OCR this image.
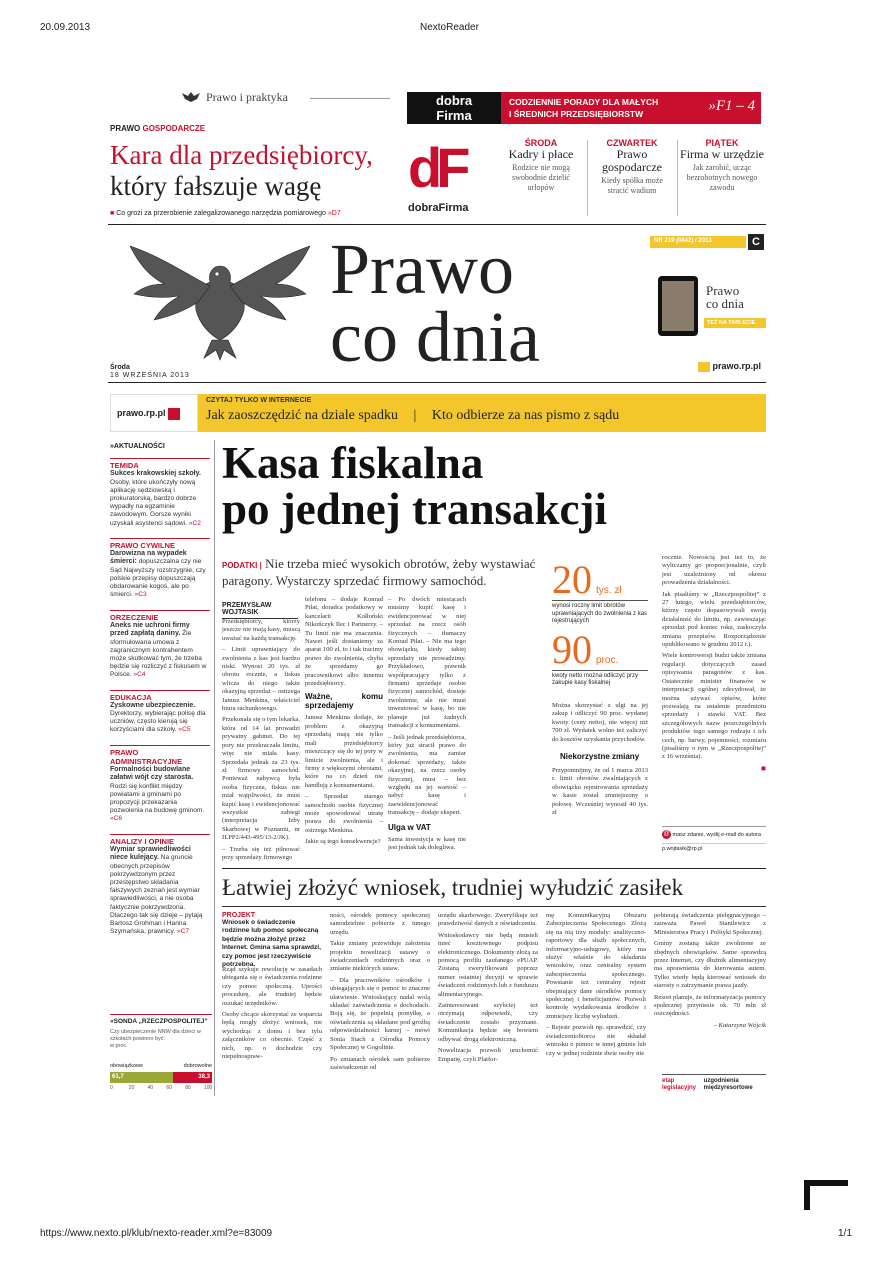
20.09.2013	NextoReader
Prawo i praktyka
PRAWO GOSPODARCZE
Kara dla przedsiębiorcy,
który fałszuje wagę
■ Co grozi za przerobienie zalegalizowanego narzędzia pomiarowego »D7
dobra
Firma
CODZIENNIE PORADY DLA MAŁYCH
I ŚREDNICH PRZEDSIĘBIORSTW	»F1 – 4
dF
dobraFirma
ŚRODA
Kadry i płace
Rodzice nie mogą swobodnie dzielić urlopów
CZWARTEK
Prawo gospodarcze
Kiedy spółka może stracić wadium
PIĄTEK
Firma w urzędzie
Jak zarobić, ucząc bezrobotnych nowego zawodu
Prawo
co dnia
NR 219 (0842) / 2013	C
Prawo
co dnia
TEŻ NA TABLECIE
Środa
18 WRZEŚNIA 2013
prawo.rp.pl
prawo.rp.pl
CZYTAJ TYLKO W INTERNECIE
Jak zaoszczędzić na dziale spadku | Kto odbierze za nas pismo z sądu
»AKTUALNOŚCI
TEMIDA
Sukces krakowskiej szkoły. Osoby, które ukończyły nową aplikację sędziowską i prokuratorską, bardzo dobrze wypadły na egzaminie zawodowym. Gorsze wyniki uzyskali asystenci sądowi. »C2
PRAWO CYWILNE
Darowizna na wypadek śmierci: dopuszczalna czy nie Sąd Najwyższy rozstrzygnie, czy polskie przepisy dopuszczają obdarowanie kogoś, ale po śmierci. »C3
ORZECZENIE
Aneks nie uchroni firmy przed zapłatą daniny. Źle sformułowana umowa z zagranicznym kontrahentem może skutkować tym, że trzeba będzie się rozliczyć z fiskusem w Polsce. »C4
EDUKACJA
Zyskowne ubezpieczenie. Dyrektorzy, wybierając polisę dla uczniów, często kierują się korzyściami dla szkoły. »C5
PRAWO ADMINISTRACYJNE
Formalności budowlane załatwi wójt czy starosta. Rodzi się konflikt między powiatami a gminami po propozycji przekazania pozwolenia na budowę gminom. »C6
ANALIZY I OPINIE
Wymiar sprawiedliwości niece kulejący. Na gruncie obecnych przepisów pokrzywdzonym przez przestępstwo składania fałszywych zeznań jest wymiar sprawiedliwości, a nie osoba faktycznie pokrzywdzona. Dlaczego tak się dzieje – pytają Bartosz Grohman i Hanna Szymańska, prawnicy. »C7
»SONDA „RZECZPOSPOLITEJ”
Czy ubezpieczenie NNW dla dzieci w szkołach powinno być:
w proc.
obowiązkowe	dobrowolne
61,7	38,3
0	20	40	60	80	100
Kasa fiskalna
po jednej transakcji
PODATKI | Nie trzeba mieć wysokich obrotów, żeby wystawiać paragony. Wystarczy sprzedać firmowy samochód.
PRZEMYSŁAW WOJTASIK

Przedsiębiorcy, którzy jeszcze nie mają kasy, muszą uważać na każdą transakcję.

– Limit uprawniający do zwolnienia z kas jest bardzo niski. Wynosi 20 tys. zł obrotu rocznie, a fiskus wlicza do niego także okazyjną sprzedaż – ostrzega Janusz Menkina, właściciel biura rachunkowego.

Przekonała się o tym lekarka, która od 14 lat prowadzi prywatny gabinet. Do tej pory nie przekraczała limitu, więc nie miała kasy. Sprzedała jednak za 23 tys. zł firmowy samochód. Ponieważ nabywcą była osoba fizyczna, fiskus nie miał wątpliwości, że musi kupić kasę i ewidencjonować wszystkie zabiegi (interpretacja Izby Skarbowej w Poznaniu, nr ILPP2/443-495/13-2/JK).

– Trzeba się też pilnować przy sprzedaży firmowego

telefonu – dodaje Konrad Piłat, doradca podatkowy w kancelarii Kołłoński Nikończyk Ilec i Partnerzy. – Tu limit nie ma znaczenia. Nawet jeśli dostaniemy za aparat 100 zł, to i tak tracimy prawo do zwolnienia, chyba że sprzedamy go pracownikowi albo innemu przedsiębiorcy.

Ważne, komu sprzedajemy

Janusz Menkina dodaje, że problem z okazyjną sprzedażą mają nie tylko mali przedsiębiorcy mieszczący się do tej pory w limicie zwolnienia, ale i firmy z większymi obrotami, które na co dzień nie handlują z konsumentami.

– Sprzedaż starego samochodu osobie fizycznej może spowodować utratę prawa do zwolnienia – ostrzega Menkina.

Jakie są tego konsekwencje?

– Po dwóch miesiącach musimy kupić kasę i ewidencjonować w niej sprzedaż na rzecz osób fizycznych – tłumaczy Konrad Piłat. – Nie ma tego obowiązku, kiedy takiej sprzedaży nie prowadzimy. Przykładowo, prawnik współpracujący tylko z firmami sprzedaje osobie fizycznej samochód, dostaje zwolnienie, ale nie musi inwestować w kasę, bo nie planuje już żadnych transakcji z konsumentami.

– Jeśli jednak przedsiębiorca, który już stracił prawo do zwolnienia, ma zamiar dokonać sprzedaży, także okazyjnej, na rzecz osoby fizycznej, musi – bez względu na jej wartość – nabyć kasę i zaewidencjonować transakcję – dodaje ekspert.

Ulga w VAT

Sama inwestycja w kasę nie jest jednak tak dolegliwa.

20 tys. zł
wynosi roczny limit obrotów uprawniających do zwolnienia z kas rejestrujących
90 proc.
kwoty netto można odliczyć przy zakupie kasy fiskalnej

Można skorzystać z ulgi na jej zakup i odliczyć 90 proc. wydanej kwoty (ceny netto), nie więcej niż 700 zł. Wydatek wolno też zaliczyć do kosztów uzyskania przychodów.

Niekorzystne zmiany

Przypomnijmy, że od 1 marca 2013 r. limit obrotów zwalniających z obowiązku rejestrowania sprzedaży w kasie został zmniejszony o połowę. Wcześniej wynosił 40 tys. zł

rocznie. Nowością jest też to, że wyliczamy go proporcjonalnie, czyli jest uzależniony od okresu prowadzenia działalności.

Jak pisaliśmy w „Rzeczpospolitej” z 27 lutego, wielu przedsiębiorców, którzy często dopasowywali swoją działalność do limitu, np. zawieszając sprzedaż pod koniec roku, zaskoczyła zmiana przepisów. Rozporządzenie opublikowano w grudniu 2012 r.).

Wiele kontrowersji budzi także zmiana regulacji dotyczących zasad opisywania paragonów z kas. Ostatecznie minister finansów w interpretacji ogólnej zdecydował, że można używać opisów, które pozwalają na ustalenie przedmiotu sprzedaży i stawki VAT. Bez szczegółowych nazw poszczególnych produktów tego samego rodzaju i ich cech, np. barwy, pojemności, rozmiaru (pisaliśmy o tym w „Rzeczpospolitej” z 16 września).

◼
@ masz zdanie, wyślij e-mail do autora
p.wojtasik@rp.pl
Łatwiej złożyć wniosek, trudniej wyłudzić zasiłek
PROJEKT
Wniosek o świadczenie rodzinne lub pomoc społeczną będzie można złożyć przez Internet. Gmina sama sprawdzi, czy pomoc jest rzeczywiście potrzebna.

Rząd szykuje rewolucję w zasadach ubiegania się o świadczenia rodzinne czy pomoc społeczną. Uprości procedurę, ale trudniej będzie oszukać urzędników.

Osoby chcące skorzystać ze wsparcia będą mogły złożyć wniosek, nie wychodząc z domu i bez tylu załączników co obecnie. Część z nich, np. o dochodzie czy niepełnospraw-

ności, ośrodek pomocy społecznej samodzielnie pobierze z innego urzędu.

Takie zmiany przewiduje założenia projektu nowelizacji ustawy o świadczeniach rodzinnych oraz o zmianie niektórych ustaw.

– Dla pracowników ośrodków i ubiegających się o pomoc to znaczne ułatwienie. Wnioskujący nadal wolą składać zaświadczenia o dochodach. Boją się, że popełnią pomyłkę, a oświadczenia są składane pod groźbą odpowiedzialności karnej – mówi Sonia Stach z Ośrodka Pomocy Społecznej w Gogolinie.

Po zmianach ośrodek sam pobierze zaświadczenie od

urzędu skarbowego. Zweryfikuje też prawdziwość danych z oświadczenia.

Wnioskodawcy nie będą musieli mieć kosztownego podpisu elektronicznego. Dokumenty złożą za pomocą profilu zaufanego ePUAP. Zostaną zweryfikowani poprzez numer ostatniej decyzji w sprawie świadczeń rodzinnych lub z funduszu alimentacyjnego.

Zainteresowani szybciej też otrzymają odpowiedź, czy świadczenie zostało przyznane. Komunikacja będzie się bowiem odbywać drogą elektroniczną.

Nowelizacja pozwoli uruchomić Empatię, czyli Platfor-

mę Komunikacyjną Obszaru Zabezpieczenia Społecznego. Złożą się na nią trzy moduły: analityczno-raportowy dla służb społecznych, informacyjno-usługowy, który ma służyć właśnie do składania wniosków, oraz centralny system zabezpieczenia społecznego. Powstanie też centralny rejestr obejmujący dane ośrodków pomocy społecznej i beneficjantów. Pozwoli kontrolę wydatkowania środków i zmniejszy liczbę wyłudzeń.

– Rejestr pozwoli np. sprawdzić, czy świadczeniobiorca nie składał wniosku o pomoc w innej gminie lub czy w jednej rodzinie dwie osoby nie

pobierają świadczenia pielęgnacyjnego – zauważa Paweł Stanilewicz z Ministerstwa Pracy i Polityki Społecznej.

Gminy zostaną także zwolnione ze zbędnych obowiązków. Same sprawdzą przez Internet, czy dłużnik alimentacyjny ma uprawnienia do kierowania autem. Tylko wtedy będą kierować wniosek do starosty o zatrzymanie prawa jazdy.

Resort planuje, że informatyzacja pomocy społecznej przyniesie ok. 70 mln zł oszczędności.

– Katarzyna Wójcik
etap
legislacyjny

uzgodnienia
międzyresortowe
https://www.nexto.pl/klub/nexto-reader.xml?e=83009	1/1
